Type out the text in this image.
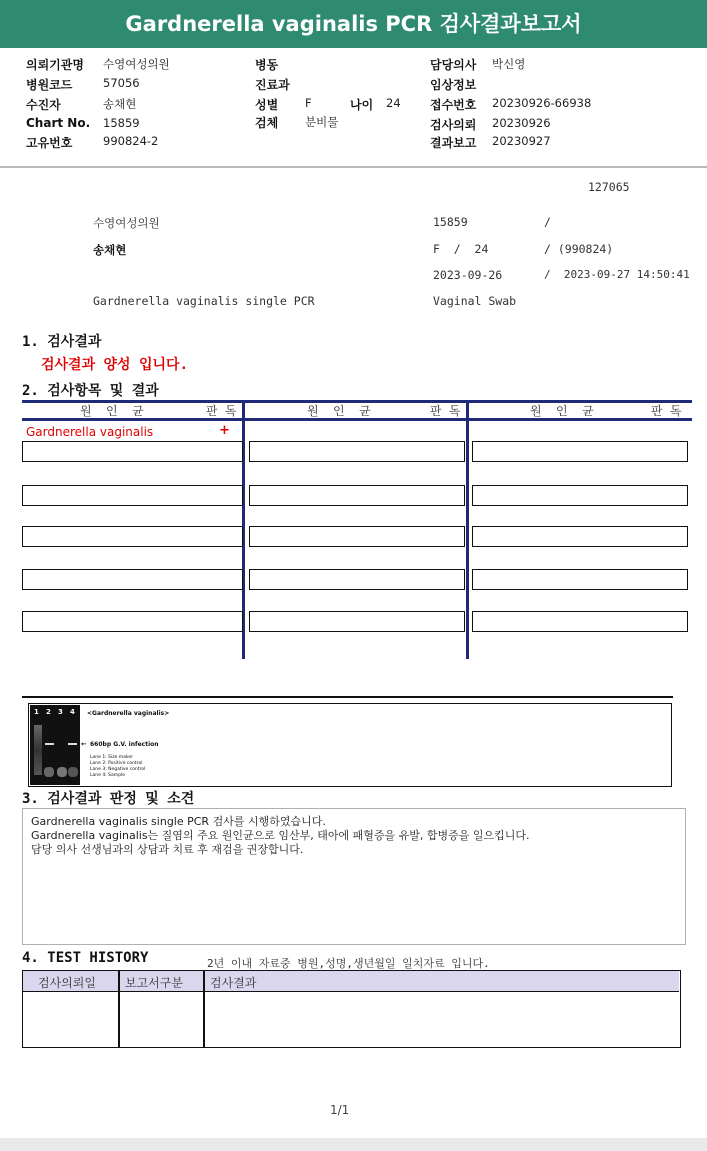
Gardnerella vaginalis PCR 검사결과보고서
의뢰기관명 수영여성의원
병원코드	57056
수진자	송채현
Chart No. 15859
고유번호	990824-2
병동
진료과
성별 F	나이 24
검체 분비물
담당의사 박신영
임상정보
접수번호 20230926-66938
검사의뢰 20230926
결과보고 20230927
127065
수영여성의원	15859	/
송채현	F  /  24	/ (990824)
2023-09-26	/  2023-09-27 14:50:41
Gardnerella vaginalis single PCR	Vaginal Swab
1. 검사결과
검사결과 양성 입니다.
2. 검사항목 및 결과
원  인  균	판 독	원  인  균	판 독	원  인  균	판 독
Gardnerella vaginalis	+
1 2 3 4 <Gardnerella vaginalis>
← 660bp G.V. infection
Lane 1: Size maker
Lane 2: Positive control
Lane 3: Negative control
Lane 4: Sample
3. 검사결과 판정 및 소견
Gardnerella vaginalis single PCR 검사를 시행하였습니다.
Gardnerella vaginalis는 질염의 주요 원인균으로 임산부, 태아에 패혈증을 유발, 합병증을 일으킵니다.
담당 의사 선생님과의 상담과 치료 후 재검을 권장합니다.
4. TEST HISTORY	2년 이내 자료중 병원,성명,생년월일 일치자료 입니다.
검사의뢰일 보고서구분 검사결과
1/1
